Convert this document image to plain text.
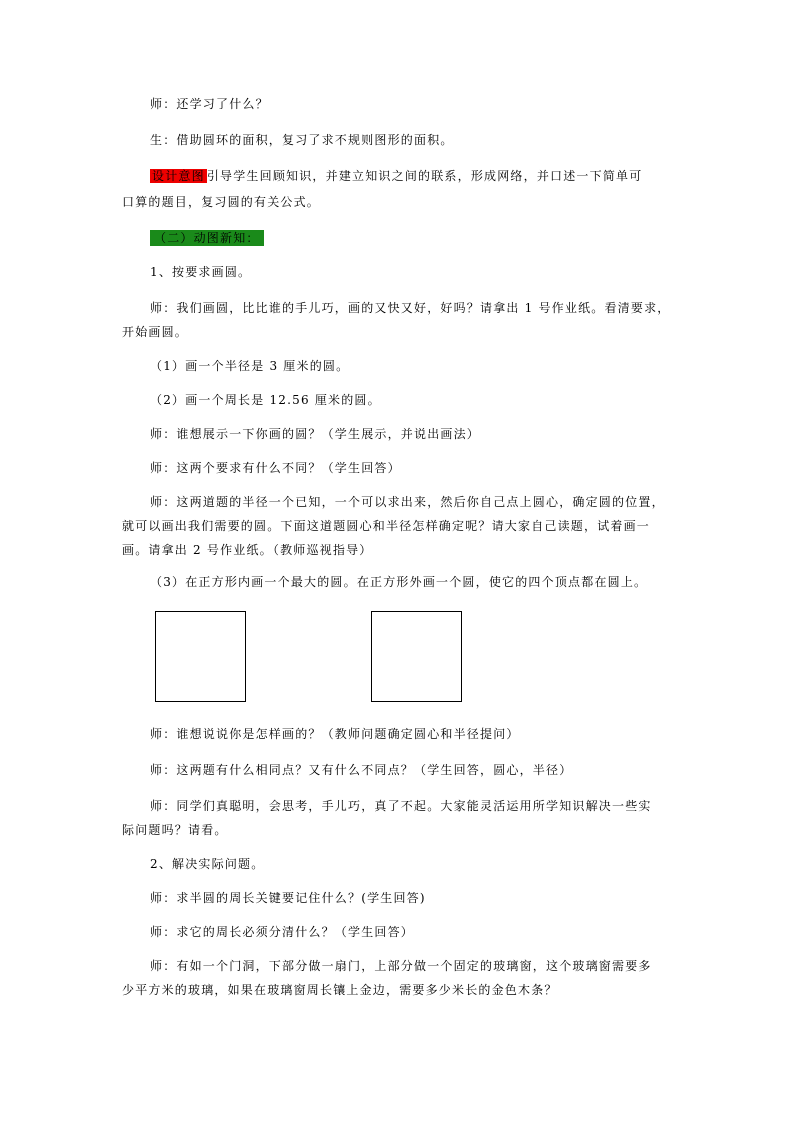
师：还学习了什么？
生：借助圆环的面积，复习了求不规则图形的面积。
设计意图 引导学生回顾知识，并建立知识之间的联系，形成网络，并口述一下简单可
口算的题目，复习圆的有关公式。
（二）动图新知：
1、按要求画圆。
师：我们画圆，比比谁的手儿巧，画的又快又好，好吗？请拿出 1 号作业纸。看清要求，
开始画圆。
（1）画一个半径是 3 厘米的圆。
（2）画一个周长是 12.56 厘米的圆。
师：谁想展示一下你画的圆？（学生展示，并说出画法）
师：这两个要求有什么不同？（学生回答）
师：这两道题的半径一个已知，一个可以求出来，然后你自己点上圆心，确定圆的位置，
就可以画出我们需要的圆。下面这道题圆心和半径怎样确定呢？请大家自己读题，试着画一
画。请拿出 2 号作业纸。（教师巡视指导）
（3）在正方形内画一个最大的圆。在正方形外画一个圆，使它的四个顶点都在圆上。
师：谁想说说你是怎样画的？（教师问题确定圆心和半径提问）
师：这两题有什么相同点？又有什么不同点？（学生回答，圆心，半径）
师：同学们真聪明，会思考，手儿巧，真了不起。大家能灵活运用所学知识解决一些实
际问题吗？请看。
2、解决实际问题。
师：求半圆的周长关键要记住什么？(学生回答)
师：求它的周长必须分清什么？（学生回答）
师：有如一个门洞，下部分做一扇门，上部分做一个固定的玻璃窗，这个玻璃窗需要多
少平方米的玻璃，如果在玻璃窗周长镶上金边，需要多少米长的金色木条？
